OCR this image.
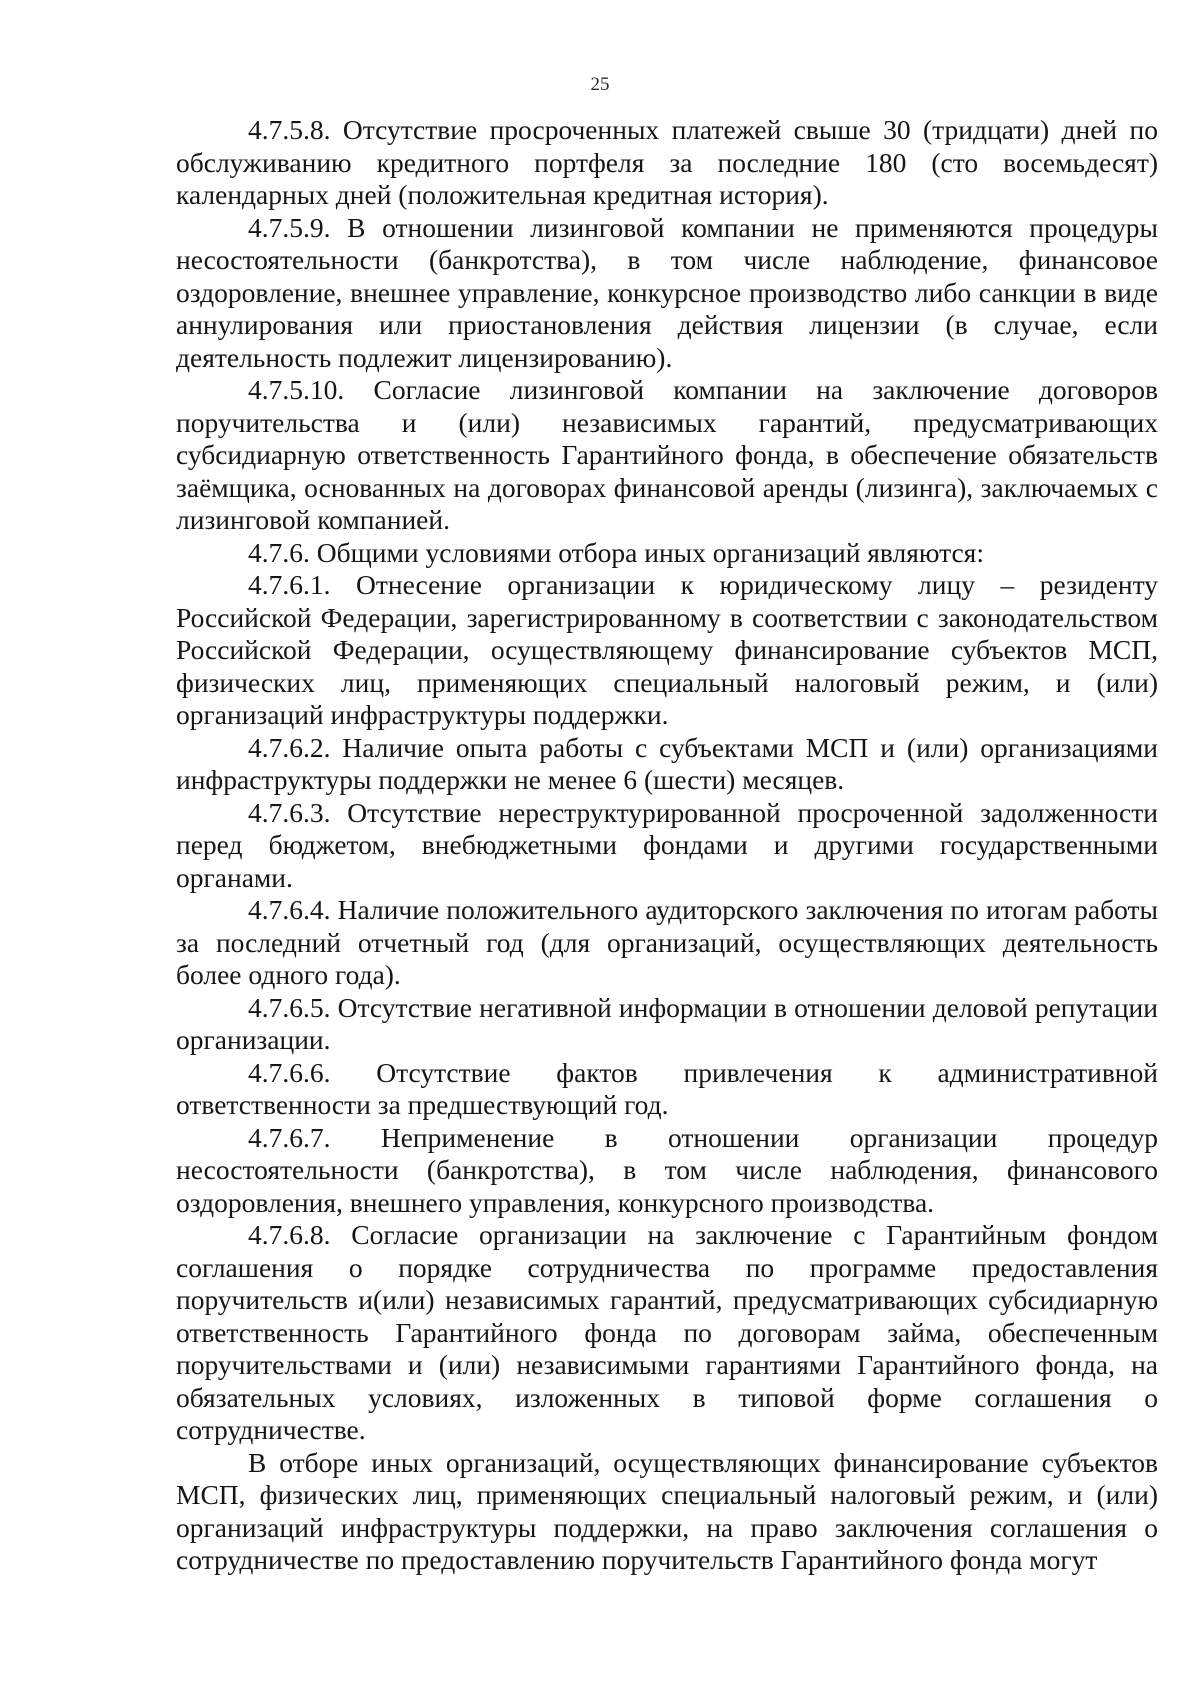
25

4.7.5.8. Отсутствие просроченных платежей свыше 30 (тридцати) дней по обслуживанию кредитного портфеля за последние 180 (сто восемьдесят) календарных дней (положительная кредитная история).

4.7.5.9. В отношении лизинговой компании не применяются процедуры несостоятельности (банкротства), в том числе наблюдение, финансовое оздоровление, внешнее управление, конкурсное производство либо санкции в виде аннулирования или приостановления действия лицензии (в случае, если деятельность подлежит лицензированию).

4.7.5.10. Согласие лизинговой компании на заключение договоров поручительства и (или) независимых гарантий, предусматривающих субсидиарную ответственность Гарантийного фонда, в обеспечение обязательств заёмщика, основанных на договорах финансовой аренды (лизинга), заключаемых с лизинговой компанией.

4.7.6. Общими условиями отбора иных организаций являются:

4.7.6.1. Отнесение организации к юридическому лицу – резиденту Российской Федерации, зарегистрированному в соответствии с законодательством Российской Федерации, осуществляющему финансирование субъектов МСП, физических лиц, применяющих специальный налоговый режим, и (или) организаций инфраструктуры поддержки.

4.7.6.2. Наличие опыта работы с субъектами МСП и (или) организациями инфраструктуры поддержки не менее 6 (шести) месяцев.

4.7.6.3. Отсутствие нереструктурированной просроченной задолженности перед бюджетом, внебюджетными фондами и другими государственными органами.

4.7.6.4. Наличие положительного аудиторского заключения по итогам работы за последний отчетный год (для организаций, осуществляющих деятельность более одного года).

4.7.6.5. Отсутствие негативной информации в отношении деловой репутации организации.

4.7.6.6. Отсутствие фактов привлечения к административной ответственности за предшествующий год.

4.7.6.7. Неприменение в отношении организации процедур несостоятельности (банкротства), в том числе наблюдения, финансового оздоровления, внешнего управления, конкурсного производства.

4.7.6.8. Согласие организации на заключение с Гарантийным фондом соглашения о порядке сотрудничества по программе предоставления поручительств и(или) независимых гарантий, предусматривающих субсидиарную ответственность Гарантийного фонда по договорам займа, обеспеченным поручительствами и (или) независимыми гарантиями Гарантийного фонда, на обязательных условиях, изложенных в типовой форме соглашения о сотрудничестве.

В отборе иных организаций, осуществляющих финансирование субъектов МСП, физических лиц, применяющих специальный налоговый режим, и (или) организаций инфраструктуры поддержки, на право заключения соглашения о сотрудничестве по предоставлению поручительств Гарантийного фонда могут
